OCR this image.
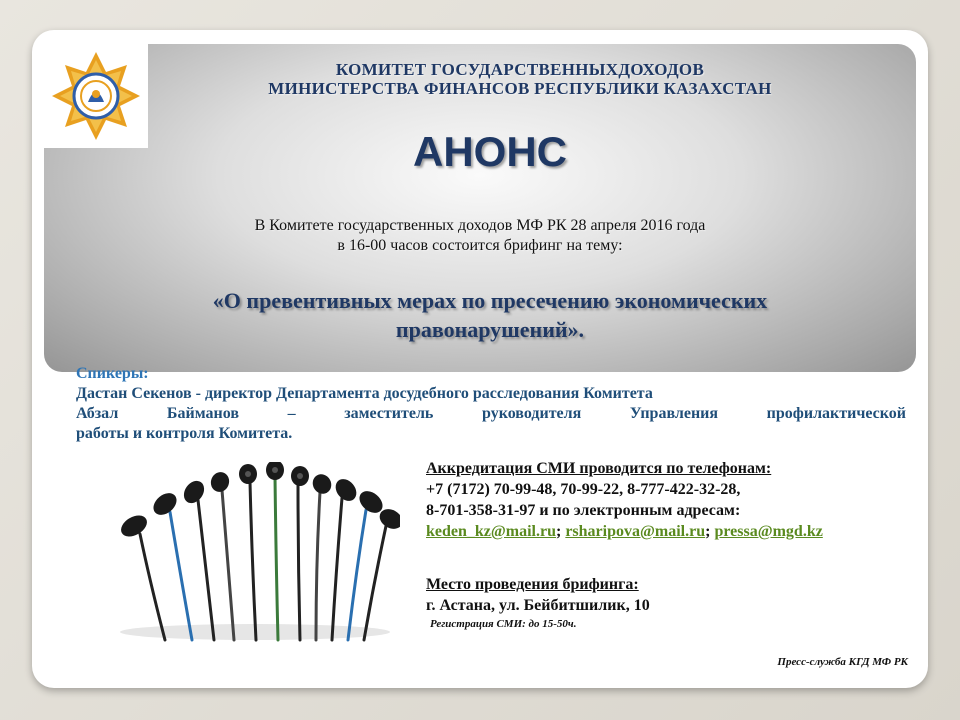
КОМИТЕТ ГОСУДАРСТВЕННЫХДОХОДОВ
МИНИСТЕРСТВА ФИНАНСОВ РЕСПУБЛИКИ КАЗАХСТАН
АНОНС
В Комитете государственных доходов МФ РК 28 апреля 2016 года
в 16-00 часов состоится брифинг на тему:
«О превентивных мерах по пресечению экономических
правонарушений».
Спикеры:
Дастан Секенов - директор Департамента досудебного расследования Комитета
Абзал Байманов – заместитель руководителя Управления профилактической
работы и контроля Комитета.
Аккредитация СМИ проводится по телефонам:
+7 (7172) 70-99-48, 70-99-22, 8-777-422-32-28,
8-701-358-31-97 и по электронным адресам:
keden_kz@mail.ru; rsharipova@mail.ru; pressa@mgd.kz
Место проведения брифинга:
г. Астана, ул. Бейбитшилик, 10
Регистрация СМИ: до 15-50ч.
Пресс-служба КГД МФ РК
